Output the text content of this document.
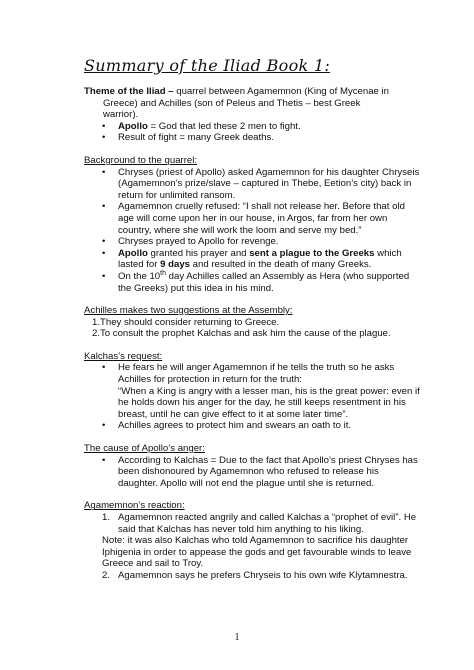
Summary of the Iliad Book 1:

Theme of the Iliad – quarrel between Agamemnon (King of Mycenae in

Greece) and Achilles (son of Peleus and Thetis – best Greek

warrior).

• Apollo = God that led these 2 men to fight.
• Result of fight = many Greek deaths.

Background to the quarrel:

• Chryses (priest of Apollo) asked Agamemnon for his daughter Chryseis (Agamemnon’s prize/slave – captured in Thebe, Eetion’s city) back in return for unlimited ransom.
• Agamemnon cruelly refused: “I shall not release her. Before that old age will come upon her in our house, in Argos, far from her own country, where she will work the loom and serve my bed.”
• Chryses prayed to Apollo for revenge.
• Apollo granted his prayer and sent a plague to the Greeks which lasted for 9 days and resulted in the death of many Greeks.
• On the 10th day Achilles called an Assembly as Hera (who supported the Greeks) put this idea in his mind.

Achilles makes two suggestions at the Assembly:

1.They should consider returning to Greece.

2.To consult the prophet Kalchas and ask him the cause of the plague.

Kalchas’s request:

• He fears he will anger Agamemnon if he tells the truth so he asks Achilles for protection in return for the truth:

“When a King is angry with a lesser man, his is the great power: even if he holds down his anger for the day, he still keeps resentment in his breast, until he can give effect to it at some later time”.

• Achilles agrees to protect him and swears an oath to it.

The cause of Apollo’s anger:

• According to Kalchas = Due to the fact that Apollo’s priest Chryses has been dishonoured by Agamemnon who refused to release his daughter. Apollo will not end the plague until she is returned.

Agamemnon’s reaction:

1. Agamemnon reacted angrily and called Kalchas a “prophet of evil”. He said that Kalchas has never told him anything to his liking.

Note: it was also Kalchas who told Agamemnon to sacrifice his daughter Iphigenia in order to appease the gods and get favourable winds to leave Greece and sail to Troy.

2. Agamemnon says he prefers Chryseis to his own wife Klytamnestra.
1
